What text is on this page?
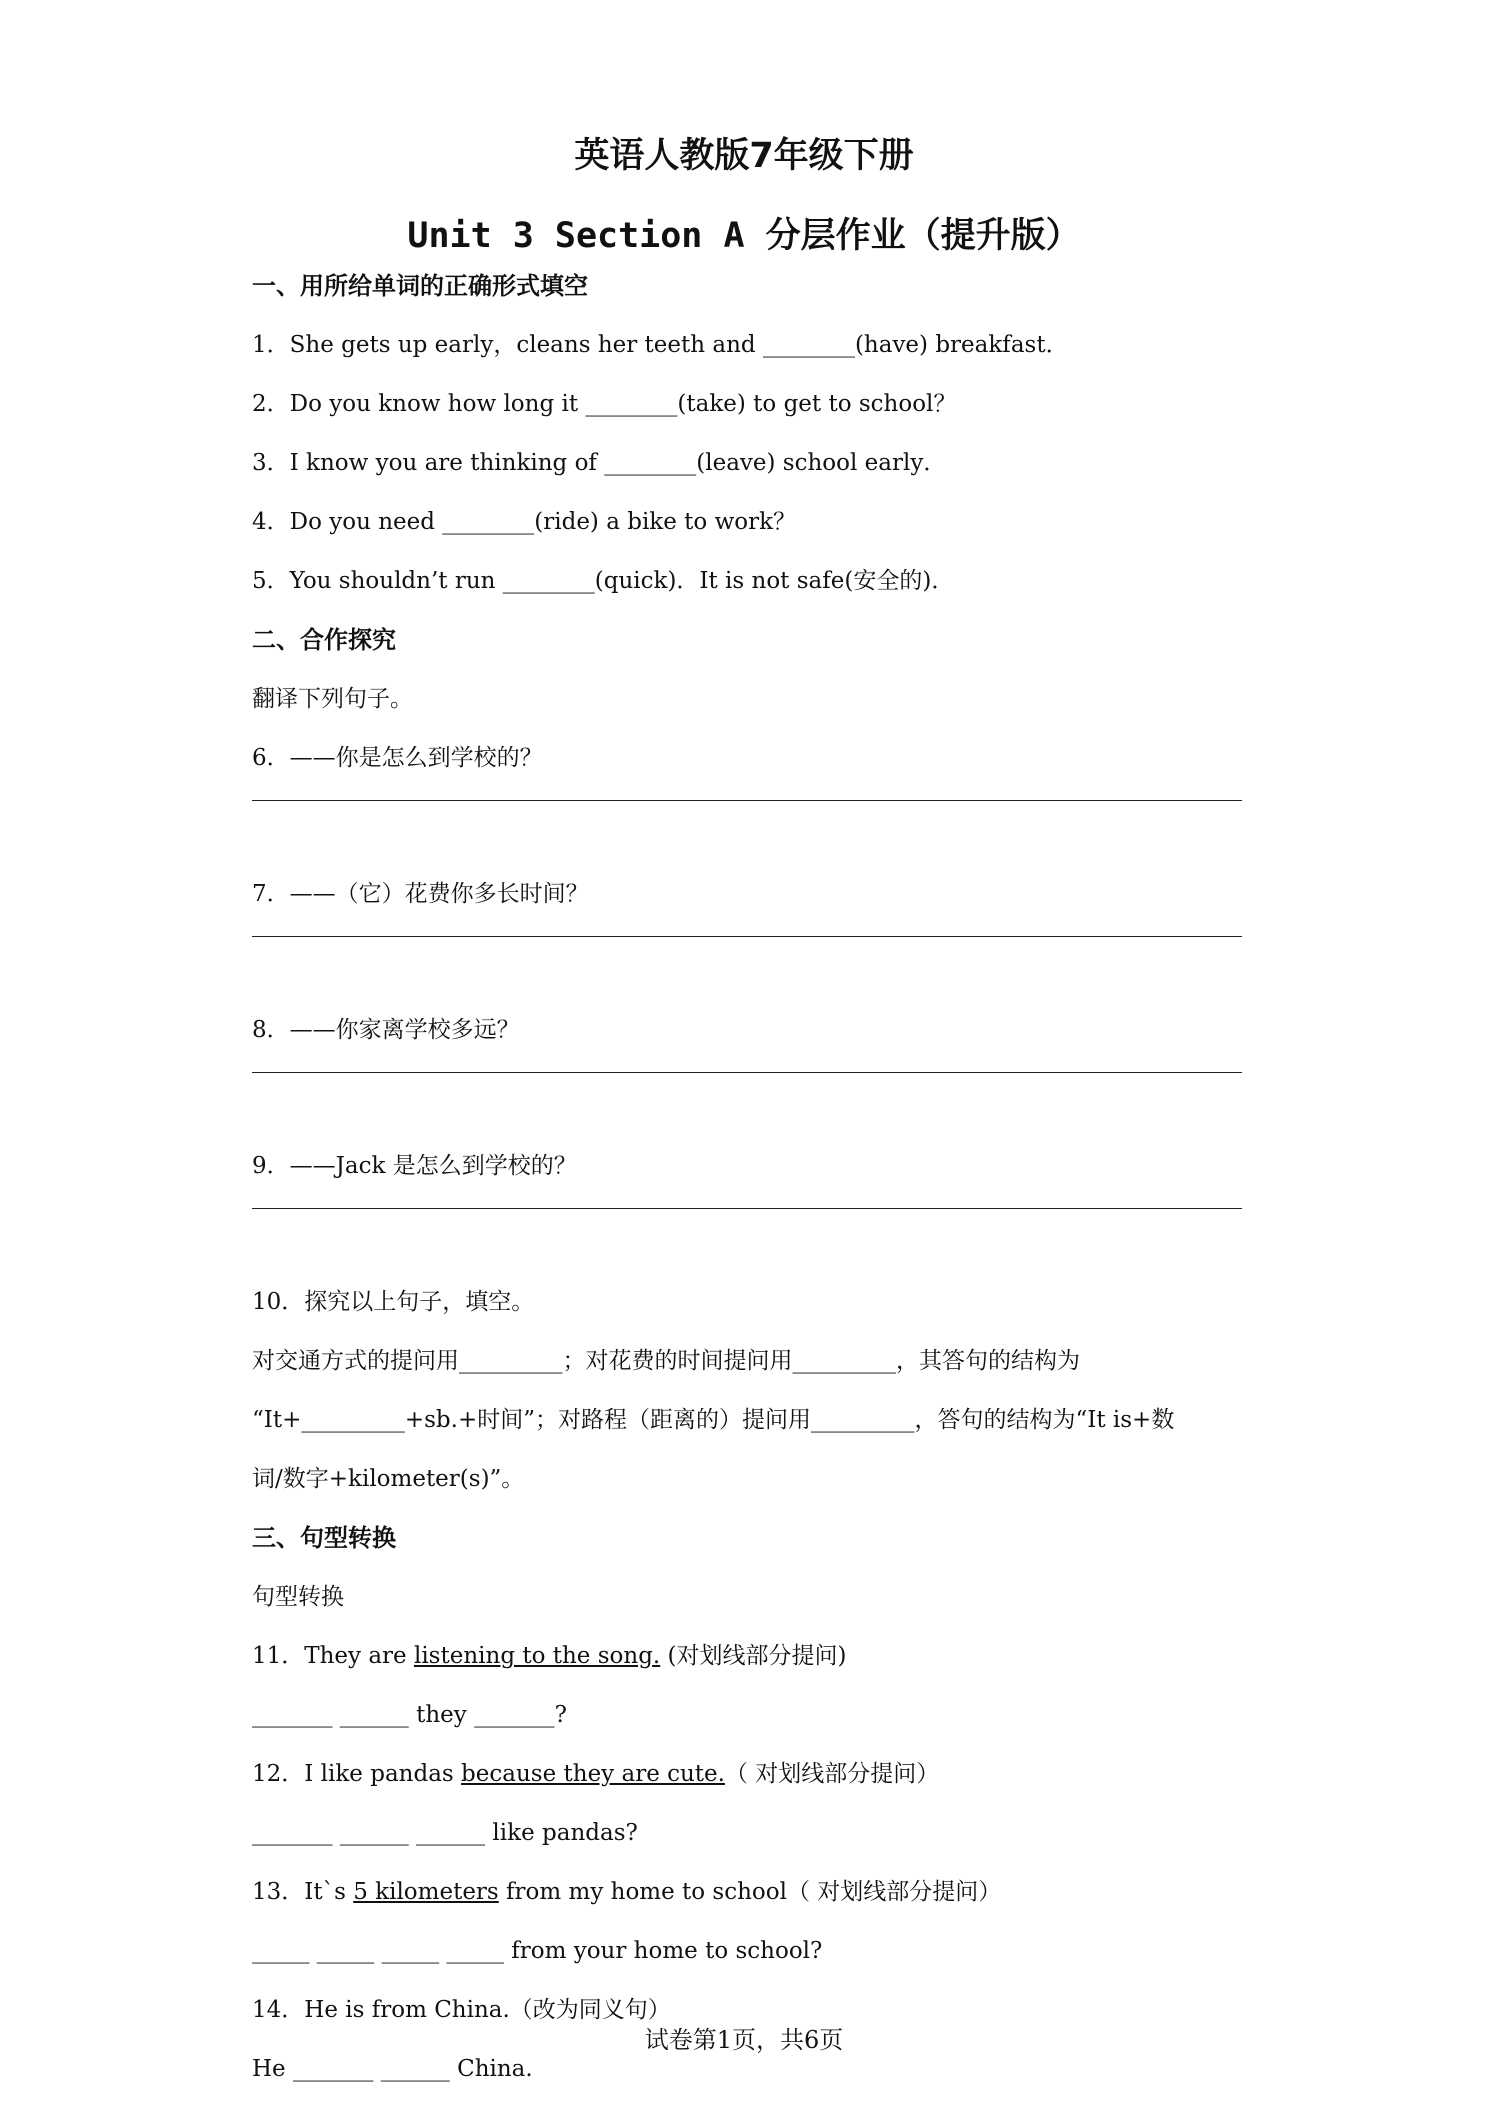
英语人教版7年级下册
Unit 3 Section A 分层作业（提升版）
一、用所给单词的正确形式填空
1．She gets up early，cleans her teeth and ________(have) breakfast．
2．Do you know how long it ________(take) to get to school？
3．I know you are thinking of ________(leave) school early．
4．Do you need ________(ride) a bike to work？
5．You shouldn’t run ________(quick)．It is not safe(安全的)．
二、合作探究
翻译下列句子。
6．——你是怎么到学校的？
7．——（它）花费你多长时间？
8．——你家离学校多远？
9．——Jack 是怎么到学校的？
10．探究以上句子，填空。
对交通方式的提问用_________；对花费的时间提问用_________，其答句的结构为
“It+_________+sb.+时间”；对路程（距离的）提问用_________，答句的结构为“It is+数
词/数字+kilometer(s)”。
三、句型转换
句型转换
11．They are listening to the song. (对划线部分提问)
_______ ______ they _______?
12．I like pandas because they are cute.（ 对划线部分提问）
_______ ______ ______ like pandas?
13．It`s 5 kilometers from my home to school（ 对划线部分提问）
_____ _____ _____ _____ from your home to school?
14．He is from China.（改为同义句）
He _______ ______ China.
试卷第1页，共6页
